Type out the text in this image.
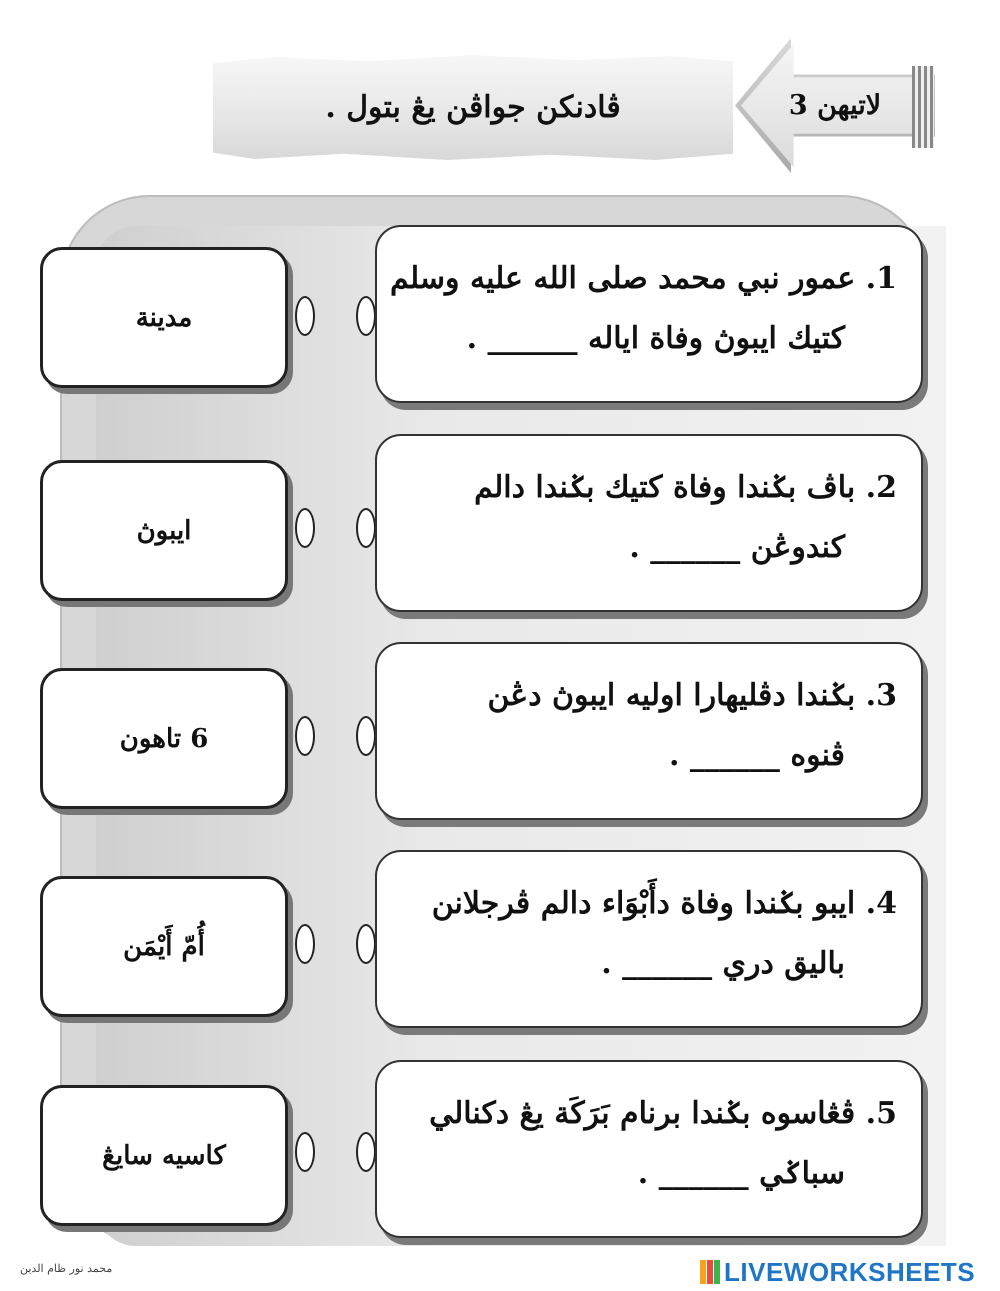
ڤادنكن جواڤن يڠ بتول .	لاتيهن 3
مدينة
1. عمور نبي محمد صلى الله عليه وسلم
كتيك ايبوڽ وفاة اياله ______ .
ايبوڽ
2. باڤ بݢندا وفاة كتيك بݢندا دالم
كندوڠن ______ .
6 تاهون
3. بݢندا دڤليهارا اوليه ايبوڽ دڠن
ڤنوه ______ .
أُمّ أَيْمَن
4. ايبو بݢندا وفاة دأَبْوَاء دالم ڤرجلانن
باليق دري ______ .
كاسيه سايڠ
5. ڤڠاسوه بݢندا برنام بَرَكَة يڠ دكنالي
سباݢي ______ .
محمد نور ظام الدين	LIVEWORKSHEETS
